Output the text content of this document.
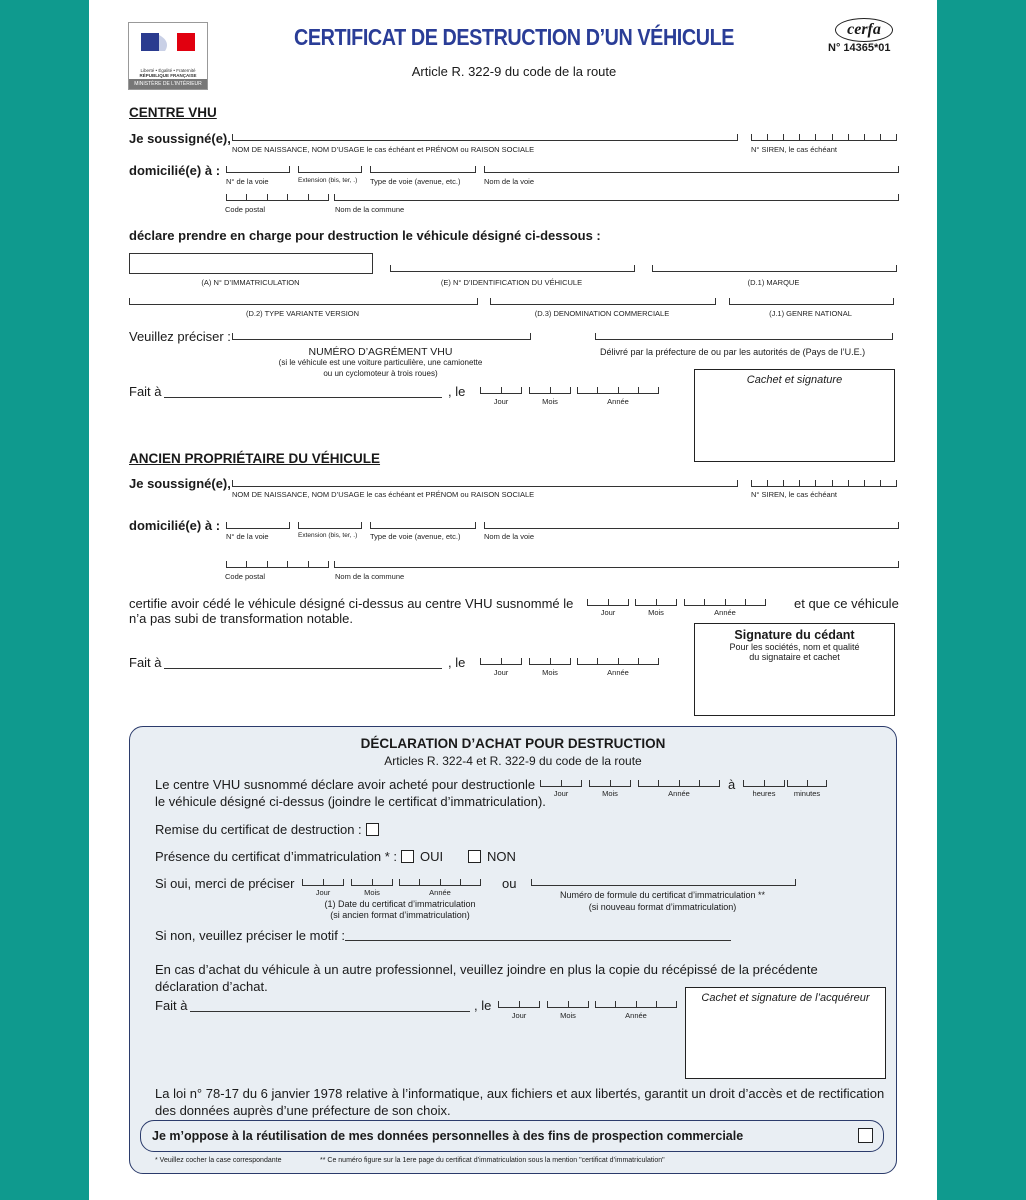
Liberté • Égalité • Fraternité
RÉPUBLIQUE FRANÇAISE
MINISTÈRE DE L’INTÉRIEUR
CERTIFICAT DE DESTRUCTION D’UN VÉHICULE
Article R. 322-9 du code de la route
cerfa
N° 14365*01
CENTRE VHU
Je soussigné(e),
NOM DE NAISSANCE, NOM D’USAGE le cas échéant et PRÉNOM ou RAISON SOCIALE	N° SIREN, le cas échéant
domicilié(e) à :
N° de la voie	Extension (bis, ter, .) Type de voie (avenue, etc.)	Nom de la voie
Code postal	Nom de la commune
déclare prendre en charge pour destruction le véhicule désigné ci-dessous :
(A) N° D’IMMATRICULATION	(E) N° D’IDENTIFICATION DU VÉHICULE	(D.1) MARQUE
(D.2) TYPE VARIANTE VERSION	(D.3) DENOMINATION COMMERCIALE	(J.1) GENRE NATIONAL
Veuillez préciser :
NUMÉRO D’AGRÉMENT VHU
(si le véhicule est une voiture particulière, une camionette
ou un cyclomoteur à trois roues)
Délivré par la préfecture de ou par les autorités de (Pays de l’U.E.)
Fait à	, le
Jour	Mois	Année
Cachet et signature
ANCIEN PROPRIÉTAIRE DU VÉHICULE
Je soussigné(e),
NOM DE NAISSANCE, NOM D’USAGE le cas échéant et PRÉNOM ou RAISON SOCIALE	N° SIREN, le cas échéant
domicilié(e) à :
N° de la voie	Extension (bis, ter, .) Type de voie (avenue, etc.)	Nom de la voie
Code postal	Nom de la commune
certifie avoir cédé le véhicule désigné ci-dessus au centre VHU susnommé le
n’a pas subi de transformation notable.	Jour	Mois	Année
et que ce véhicule
Fait à	, le
Jour	Mois	Année
Signature du cédant
Pour les sociétés, nom et qualité
du signataire et cachet
DÉCLARATION D’ACHAT POUR DESTRUCTION
Articles R. 322-4 et R. 322-9 du code de la route
Le centre VHU susnommé déclare avoir acheté pour destruction le	à
Jour	Mois	Année	heures	minutes
le véhicule désigné ci-dessus (joindre le certificat d’immatriculation).
Remise du certificat de destruction :
Présence du certificat d’immatriculation * : OUI	NON
Si oui, merci de préciser
Jour	Mois	Année
(1) Date du certificat d’immatriculation
(si ancien format d’immatriculation)
ou
Numéro de formule du certificat d’immatriculation **
(si nouveau format d’immatriculation)
Si non, veuillez préciser le motif :
En cas d’achat du véhicule à un autre professionnel, veuillez joindre en plus la copie du récépissé de la précédente
déclaration d’achat.
Fait à	, le
Jour	Mois	Année
Cachet et signature de l’acquéreur
La loi n° 78-17 du 6 janvier 1978 relative à l’informatique, aux fichiers et aux libertés, garantit un droit d’accès et de rectification
des données auprès d’une préfecture de son choix.
Je m’oppose à la réutilisation de mes données personnelles à des fins de prospection commerciale
* Veuillez cocher la case correspondante	** Ce numéro figure sur la 1ere page du certificat d’immatriculation sous la mention "certificat d’immatriculation"
